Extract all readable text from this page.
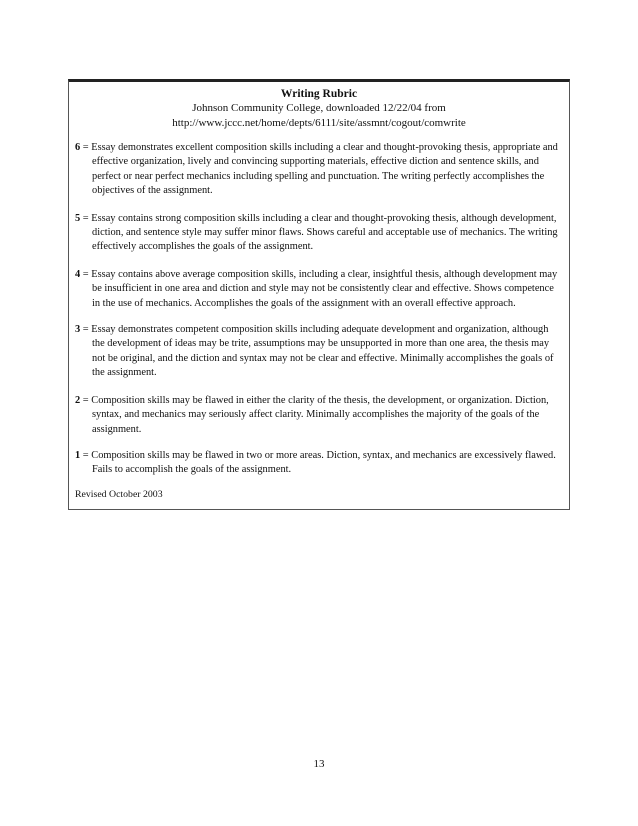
Writing Rubric

Johnson Community College, downloaded 12/22/04 from

http://www.jccc.net/home/depts/6111/site/assmnt/cogout/comwrite

6 = Essay demonstrates excellent composition skills including a clear and thought-provoking thesis, appropriate and effective organization, lively and convincing supporting materials, effective diction and sentence skills, and perfect or near perfect mechanics including spelling and punctuation. The writing perfectly accomplishes the objectives of the assignment.

5 = Essay contains strong composition skills including a clear and thought-provoking thesis, although development, diction, and sentence style may suffer minor flaws. Shows careful and acceptable use of mechanics. The writing effectively accomplishes the goals of the assignment.

4 = Essay contains above average composition skills, including a clear, insightful thesis, although development may be insufficient in one area and diction and style may not be consistently clear and effective. Shows competence in the use of mechanics. Accomplishes the goals of the assignment with an overall effective approach.

3 = Essay demonstrates competent composition skills including adequate development and organization, although the development of ideas may be trite, assumptions may be unsupported in more than one area, the thesis may not be original, and the diction and syntax may not be clear and effective. Minimally accomplishes the goals of the assignment.

2 = Composition skills may be flawed in either the clarity of the thesis, the development, or organization. Diction, syntax, and mechanics may seriously affect clarity. Minimally accomplishes the majority of the goals of the assignment.

1 = Composition skills may be flawed in two or more areas. Diction, syntax, and mechanics are excessively flawed. Fails to accomplish the goals of the assignment.

Revised October 2003

13
